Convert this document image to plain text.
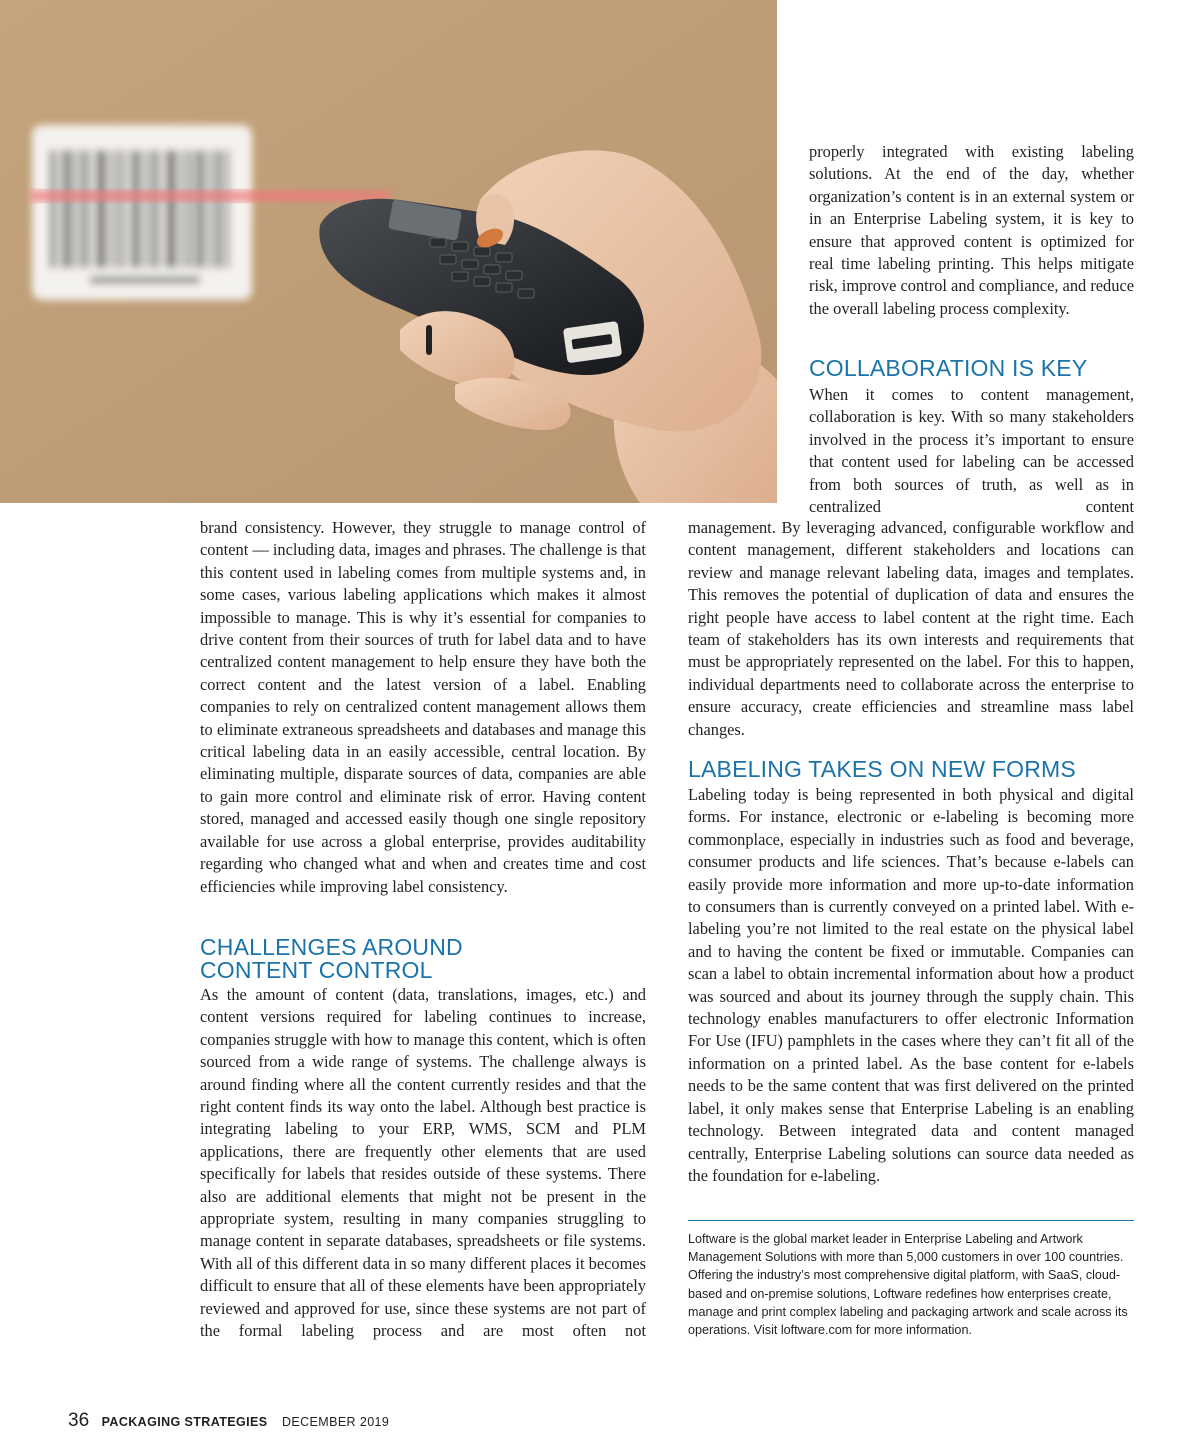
properly integrated with existing labeling solutions. At the end of the day, whether organization’s content is in an external system or in an Enterprise Labeling system, it is key to ensure that approved content is optimized for real time labeling printing. This helps mitigate risk, improve control and compliance, and reduce the overall labeling process complexity.

COLLABORATION IS KEY

When it comes to content management, collaboration is key. With so many stakeholders involved in the process it’s important to ensure that content used for labeling can be accessed from both sources of truth, as well as in centralized content

management. By leveraging advanced, configurable workflow and content management, different stakeholders and locations can review and manage relevant labeling data, images and templates. This removes the potential of duplication of data and ensures the right people have access to label content at the right time. Each team of stakeholders has its own interests and requirements that must be appropriately represented on the label. For this to happen, individual departments need to collaborate across the enterprise to ensure accuracy, create efficiencies and streamline mass label changes.

brand consistency. However, they struggle to manage control of content — including data, images and phrases. The challenge is that this content used in labeling comes from multiple systems and, in some cases, various labeling applications which makes it almost impossible to manage. This is why it’s essential for companies to drive content from their sources of truth for label data and to have centralized content management to help ensure they have both the correct content and the latest version of a label. Enabling companies to rely on centralized content management allows them to eliminate extraneous spreadsheets and databases and manage this critical labeling data in an easily accessible, central location. By eliminating multiple, disparate sources of data, companies are able to gain more control and eliminate risk of error. Having content stored, managed and accessed easily though one single repository available for use across a global enterprise, provides auditability regarding who changed what and when and creates time and cost efficiencies while improving label consistency.

CHALLENGES AROUND
CONTENT CONTROL

As the amount of content (data, translations, images, etc.) and content versions required for labeling continues to increase, companies struggle with how to manage this content, which is often sourced from a wide range of systems. The challenge always is around finding where all the content currently resides and that the right content finds its way onto the label. Although best practice is integrating labeling to your ERP, WMS, SCM and PLM applications, there are frequently other elements that are used specifically for labels that resides outside of these systems. There also are additional elements that might not be present in the appropriate system, resulting in many companies struggling to manage content in separate databases, spreadsheets or file systems. With all of this different data in so many different places it becomes difficult to ensure that all of these elements have been appropriately reviewed and approved for use, since these systems are not part of the formal labeling process and are most often not

LABELING TAKES ON NEW FORMS

Labeling today is being represented in both physical and digital forms. For instance, electronic or e-labeling is becoming more commonplace, especially in industries such as food and beverage, consumer products and life sciences. That’s because e-labels can easily provide more information and more up-to-date information to consumers than is currently conveyed on a printed label. With e-labeling you’re not limited to the real estate on the physical label and to having the content be fixed or immutable. Companies can scan a label to obtain incremental information about how a product was sourced and about its journey through the supply chain. This technology enables manufacturers to offer electronic Information For Use (IFU) pamphlets in the cases where they can’t fit all of the information on a printed label. As the base content for e-labels needs to be the same content that was first delivered on the printed label, it only makes sense that Enterprise Labeling is an enabling technology. Between integrated data and content managed centrally, Enterprise Labeling solutions can source data needed as the foundation for e-labeling.

Loftware is the global market leader in Enterprise Labeling and Artwork Management Solutions with more than 5,000 customers in over 100 countries. Offering the industry’s most comprehensive digital platform, with SaaS, cloud-based and on-premise solutions, Loftware redefines how enterprises create, manage and print complex labeling and packaging artwork and scale across its operations. Visit loftware.com for more information.

36 PACKAGING STRATEGIES DECEMBER 2019
